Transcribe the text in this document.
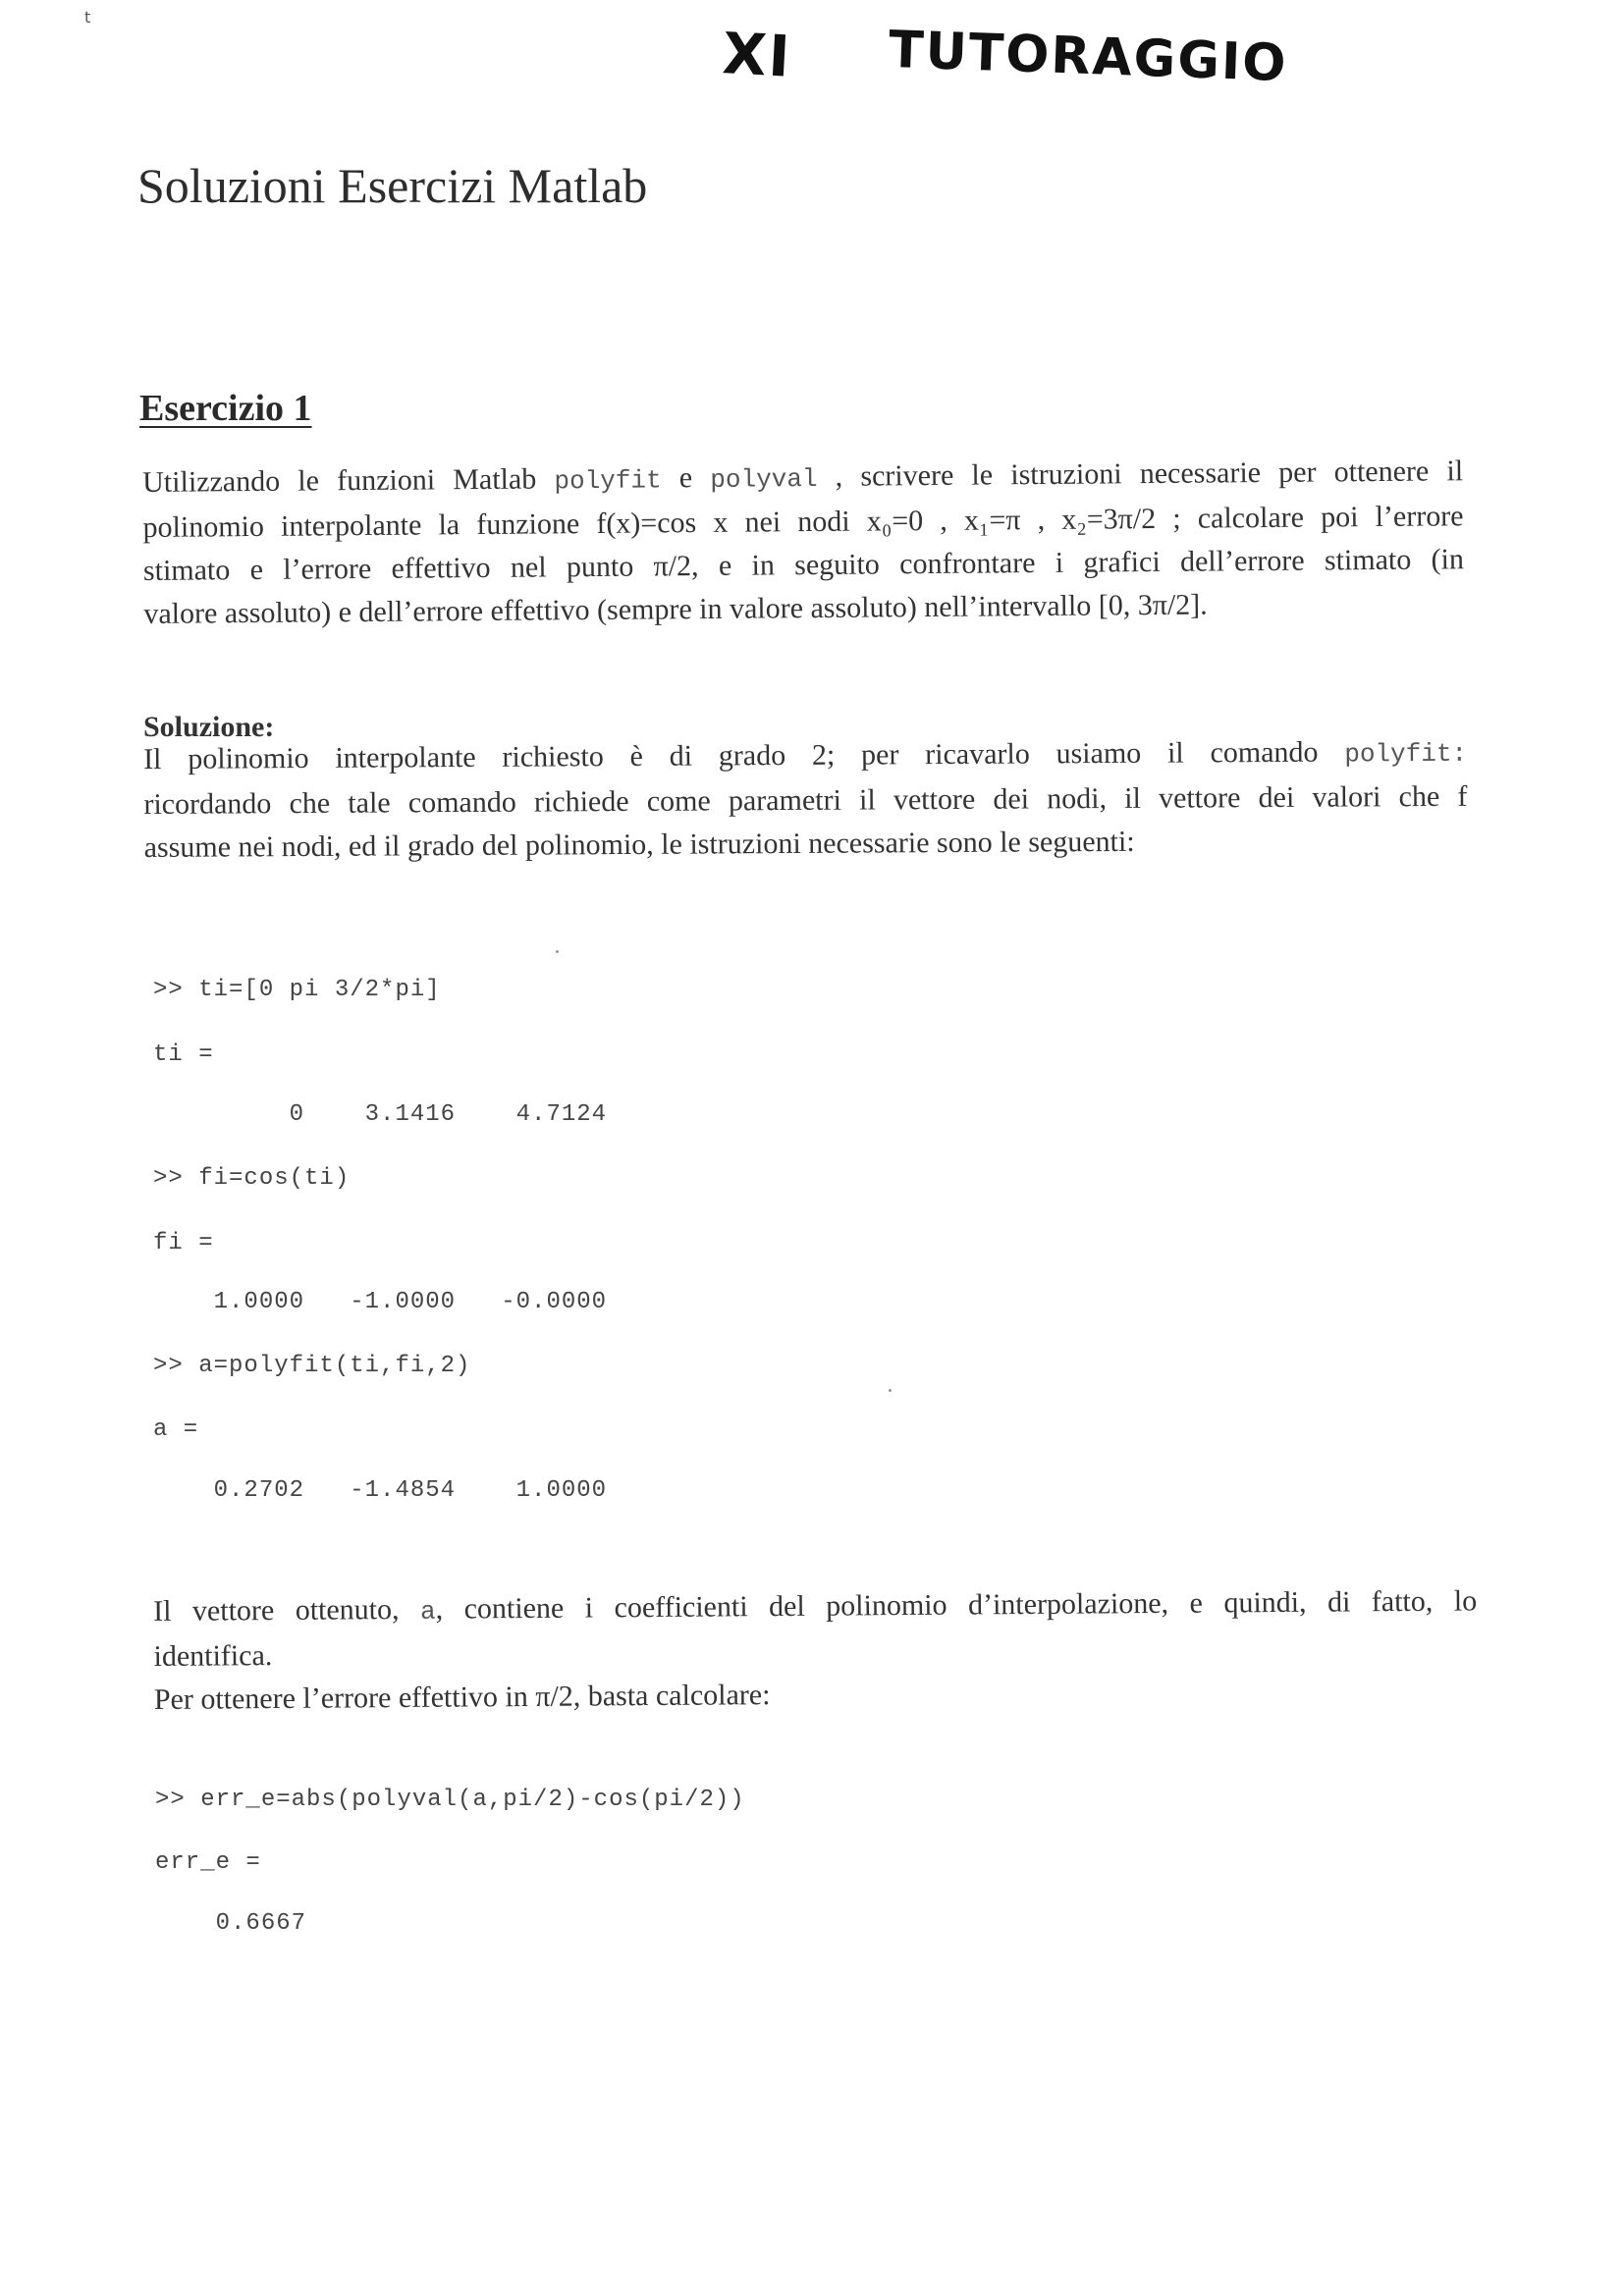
t
XI TUTORAGGIO
Soluzioni Esercizi Matlab
Esercizio 1
Utilizzando le funzioni Matlab polyfit e polyval , scrivere le istruzioni necessarie per ottenere il
polinomio interpolante la funzione f(x)=cos x nei nodi x₀=0 , x₁=π , x₂=3π/2 ; calcolare poi l’errore
stimato e l’errore effettivo nel punto π/2, e in seguito confrontare i grafici dell’errore stimato (in
valore assoluto) e dell’errore effettivo (sempre in valore assoluto) nell’intervallo [0, 3π/2].
Soluzione:
Il polinomio interpolante richiesto è di grado 2; per ricavarlo usiamo il comando polyfit:
ricordando che tale comando richiede come parametri il vettore dei nodi, il vettore dei valori che f
assume nei nodi, ed il grado del polinomio, le istruzioni necessarie sono le seguenti:
>> ti=[0 pi 3/2*pi]
ti =
0    3.1416    4.7124
>> fi=cos(ti)
fi =
1.0000   -1.0000   -0.0000
>> a=polyfit(ti,fi,2)
a =
0.2702   -1.4854    1.0000
Il vettore ottenuto, a, contiene i coefficienti del polinomio d’interpolazione, e quindi, di fatto, lo
identifica.
Per ottenere l’errore effettivo in π/2, basta calcolare:
>> err_e=abs(polyval(a,pi/2)-cos(pi/2))
err_e =
0.6667
